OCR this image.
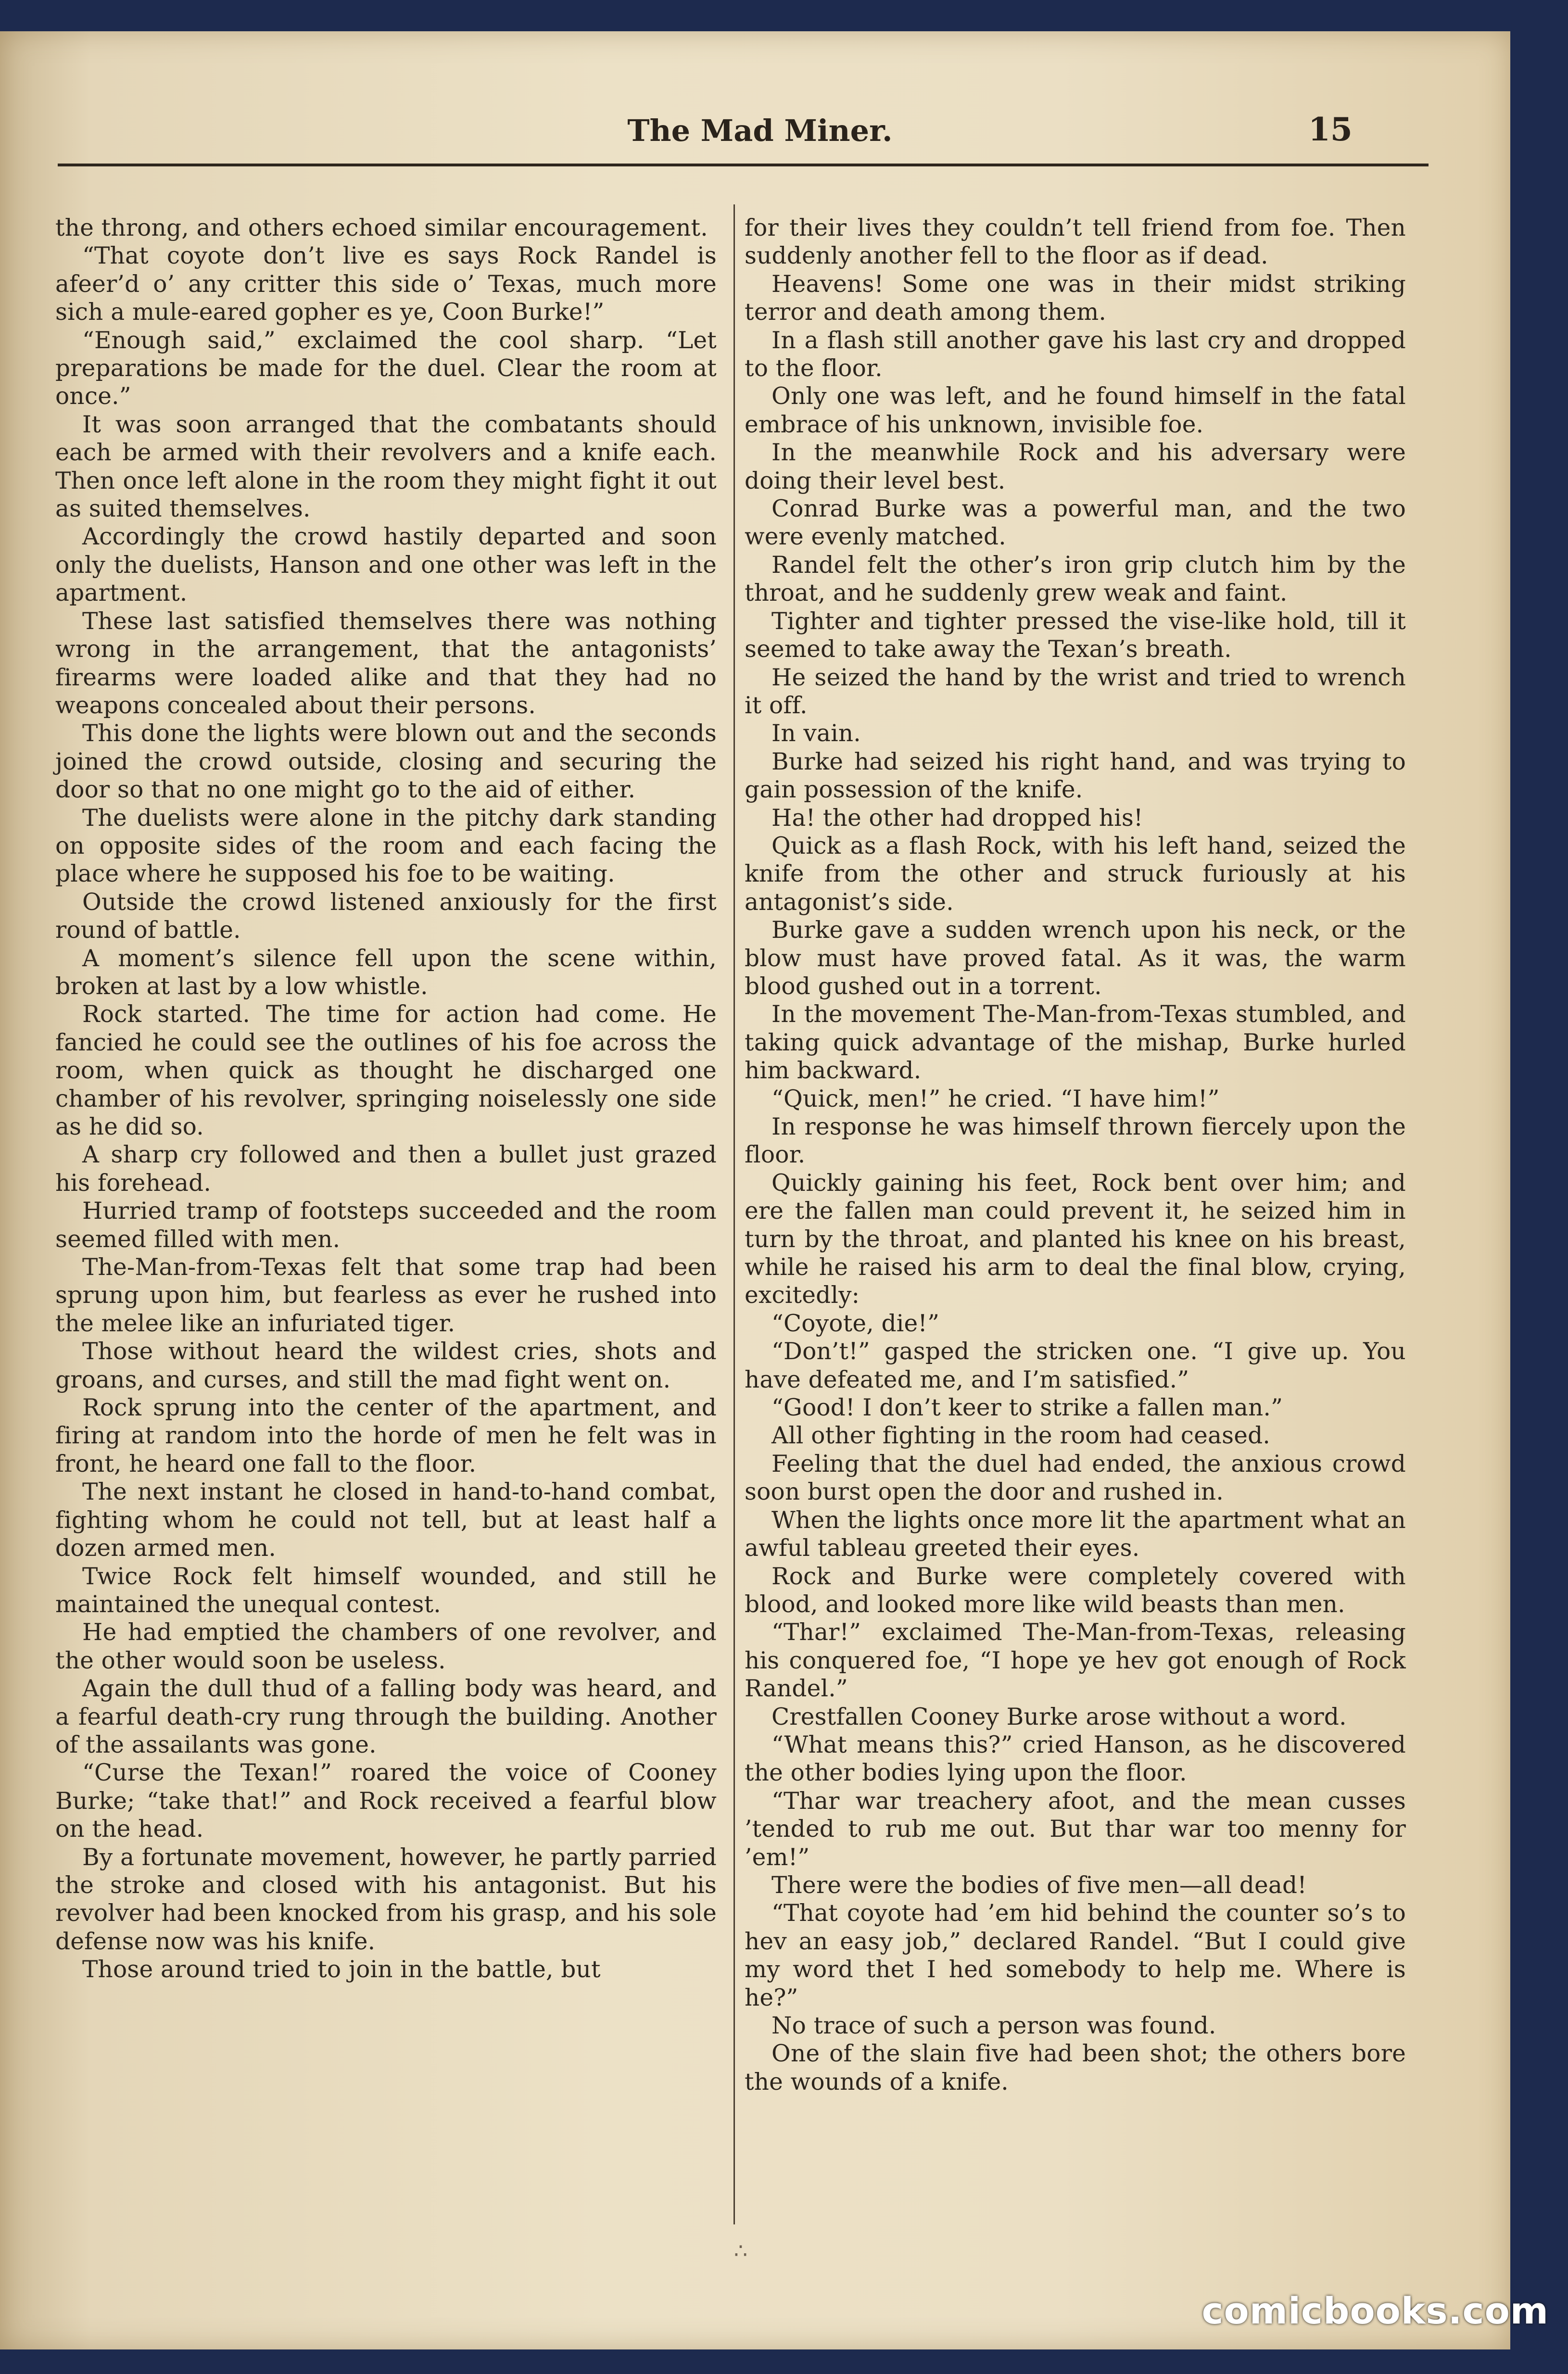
The Mad Miner.	15

the throng, and others echoed similar encouragement.

“That coyote don’t live es says Rock Randel is afeer’d o’ any critter this side o’ Texas, much more sich a mule-eared gopher es ye, Coon Burke!”

“Enough said,” exclaimed the cool sharp. “Let preparations be made for the duel. Clear the room at once.”

It was soon arranged that the combatants should each be armed with their revolvers and a knife each. Then once left alone in the room they might fight it out as suited themselves.

Accordingly the crowd hastily departed and soon only the duelists, Hanson and one other was left in the apartment.

These last satisfied themselves there was nothing wrong in the arrangement, that the antagonists’ firearms were loaded alike and that they had no weapons concealed about their persons.

This done the lights were blown out and the seconds joined the crowd outside, closing and securing the door so that no one might go to the aid of either.

The duelists were alone in the pitchy dark standing on opposite sides of the room and each facing the place where he supposed his foe to be waiting.

Outside the crowd listened anxiously for the first round of battle.

A moment’s silence fell upon the scene within, broken at last by a low whistle.

Rock started. The time for action had come. He fancied he could see the outlines of his foe across the room, when quick as thought he discharged one chamber of his revolver, springing noiselessly one side as he did so.

A sharp cry followed and then a bullet just grazed his forehead.

Hurried tramp of footsteps succeeded and the room seemed filled with men.

The-Man-from-Texas felt that some trap had been sprung upon him, but fearless as ever he rushed into the melee like an infuriated tiger.

Those without heard the wildest cries, shots and groans, and curses, and still the mad fight went on.

Rock sprung into the center of the apartment, and firing at random into the horde of men he felt was in front, he heard one fall to the floor.

The next instant he closed in hand-to-hand combat, fighting whom he could not tell, but at least half a dozen armed men.

Twice Rock felt himself wounded, and still he maintained the unequal contest.

He had emptied the chambers of one revolver, and the other would soon be useless.

Again the dull thud of a falling body was heard, and a fearful death-cry rung through the building. Another of the assailants was gone.

“Curse the Texan!” roared the voice of Cooney Burke; “take that!” and Rock received a fearful blow on the head.

By a fortunate movement, however, he partly parried the stroke and closed with his antagonist. But his revolver had been knocked from his grasp, and his sole defense now was his knife.

Those around tried to join in the battle, but

for their lives they couldn’t tell friend from foe. Then suddenly another fell to the floor as if dead.

Heavens! Some one was in their midst striking terror and death among them.

In a flash still another gave his last cry and dropped to the floor.

Only one was left, and he found himself in the fatal embrace of his unknown, invisible foe.

In the meanwhile Rock and his adversary were doing their level best.

Conrad Burke was a powerful man, and the two were evenly matched.

Randel felt the other’s iron grip clutch him by the throat, and he suddenly grew weak and faint.

Tighter and tighter pressed the vise-like hold, till it seemed to take away the Texan’s breath.

He seized the hand by the wrist and tried to wrench it off.

In vain.

Burke had seized his right hand, and was trying to gain possession of the knife.

Ha! the other had dropped his!

Quick as a flash Rock, with his left hand, seized the knife from the other and struck furiously at his antagonist’s side.

Burke gave a sudden wrench upon his neck, or the blow must have proved fatal. As it was, the warm blood gushed out in a torrent.

In the movement The-Man-from-Texas stumbled, and taking quick advantage of the mishap, Burke hurled him backward.

“Quick, men!” he cried. “I have him!”

In response he was himself thrown fiercely upon the floor.

Quickly gaining his feet, Rock bent over him; and ere the fallen man could prevent it, he seized him in turn by the throat, and planted his knee on his breast, while he raised his arm to deal the final blow, crying, excitedly:

“Coyote, die!”

“Don’t!” gasped the stricken one. “I give up. You have defeated me, and I’m satisfied.”

“Good! I don’t keer to strike a fallen man.”

All other fighting in the room had ceased.

Feeling that the duel had ended, the anxious crowd soon burst open the door and rushed in.

When the lights once more lit the apartment what an awful tableau greeted their eyes.

Rock and Burke were completely covered with blood, and looked more like wild beasts than men.

“Thar!” exclaimed The-Man-from-Texas, releasing his conquered foe, “I hope ye hev got enough of Rock Randel.”

Crestfallen Cooney Burke arose without a word.

“What means this?” cried Hanson, as he discovered the other bodies lying upon the floor.

“Thar war treachery afoot, and the mean cusses ’tended to rub me out. But thar war too menny for ’em!”

There were the bodies of five men—all dead!

“That coyote had ’em hid behind the counter so’s to hev an easy job,” declared Randel. “But I could give my word thet I hed somebody to help me. Where is he?”

No trace of such a person was found.

One of the slain five had been shot; the others bore the wounds of a knife.

∴
comicbooks.com
